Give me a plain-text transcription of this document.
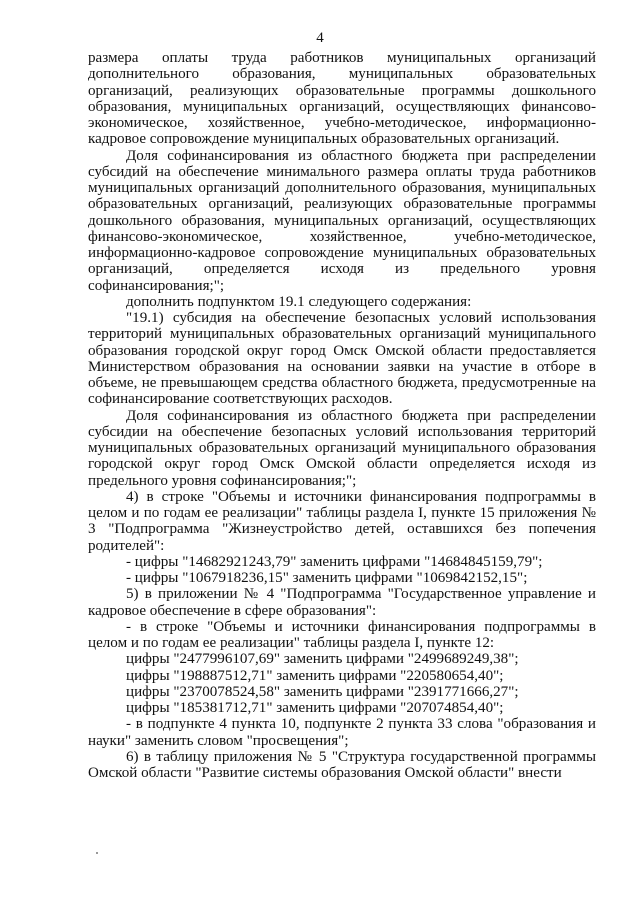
4

размера оплаты труда работников муниципальных организаций дополнительного образования, муниципальных образовательных организаций, реализующих образовательные программы дошкольного образования, муниципальных организаций, осуществляющих финансово-экономическое, хозяйственное, учебно-методическое, информационно-кадровое сопровождение муниципальных образовательных организаций.

Доля софинансирования из областного бюджета при распределении субсидий на обеспечение минимального размера оплаты труда работников муниципальных организаций дополнительного образования, муниципальных образовательных организаций, реализующих образовательные программы дошкольного образования, муниципальных организаций, осуществляющих финансово-экономическое, хозяйственное, учебно-методическое, информационно-кадровое сопровождение муниципальных образовательных организаций, определяется исходя из предельного уровня софинансирования;";

дополнить подпунктом 19.1 следующего содержания:

"19.1) субсидия на обеспечение безопасных условий использования территорий муниципальных образовательных организаций муниципального образования городской округ город Омск Омской области предоставляется Министерством образования на основании заявки на участие в отборе в объеме, не превышающем средства областного бюджета, предусмотренные на софинансирование соответствующих расходов.

Доля софинансирования из областного бюджета при распределении субсидии на обеспечение безопасных условий использования территорий муниципальных образовательных организаций муниципального образования городской округ город Омск Омской области определяется исходя из предельного уровня софинансирования;";

4) в строке "Объемы и источники финансирования подпрограммы в целом и по годам ее реализации" таблицы раздела I, пункте 15 приложения № 3 "Подпрограмма "Жизнеустройство детей, оставшихся без попечения родителей":

- цифры "14682921243,79" заменить цифрами "14684845159,79";

- цифры "1067918236,15" заменить цифрами "1069842152,15";

5) в приложении № 4 "Подпрограмма "Государственное управление и кадровое обеспечение в сфере образования":

- в строке "Объемы и источники финансирования подпрограммы в целом и по годам ее реализации" таблицы раздела I, пункте 12:

цифры "2477996107,69" заменить цифрами "2499689249,38";

цифры "198887512,71" заменить цифрами "220580654,40";

цифры "2370078524,58" заменить цифрами "2391771666,27";

цифры "185381712,71" заменить цифрами "207074854,40";

- в подпункте 4 пункта 10, подпункте 2 пункта 33 слова "образования и науки" заменить словом "просвещения";

6) в таблицу приложения № 5 "Структура государственной программы Омской области "Развитие системы образования Омской области" внести
